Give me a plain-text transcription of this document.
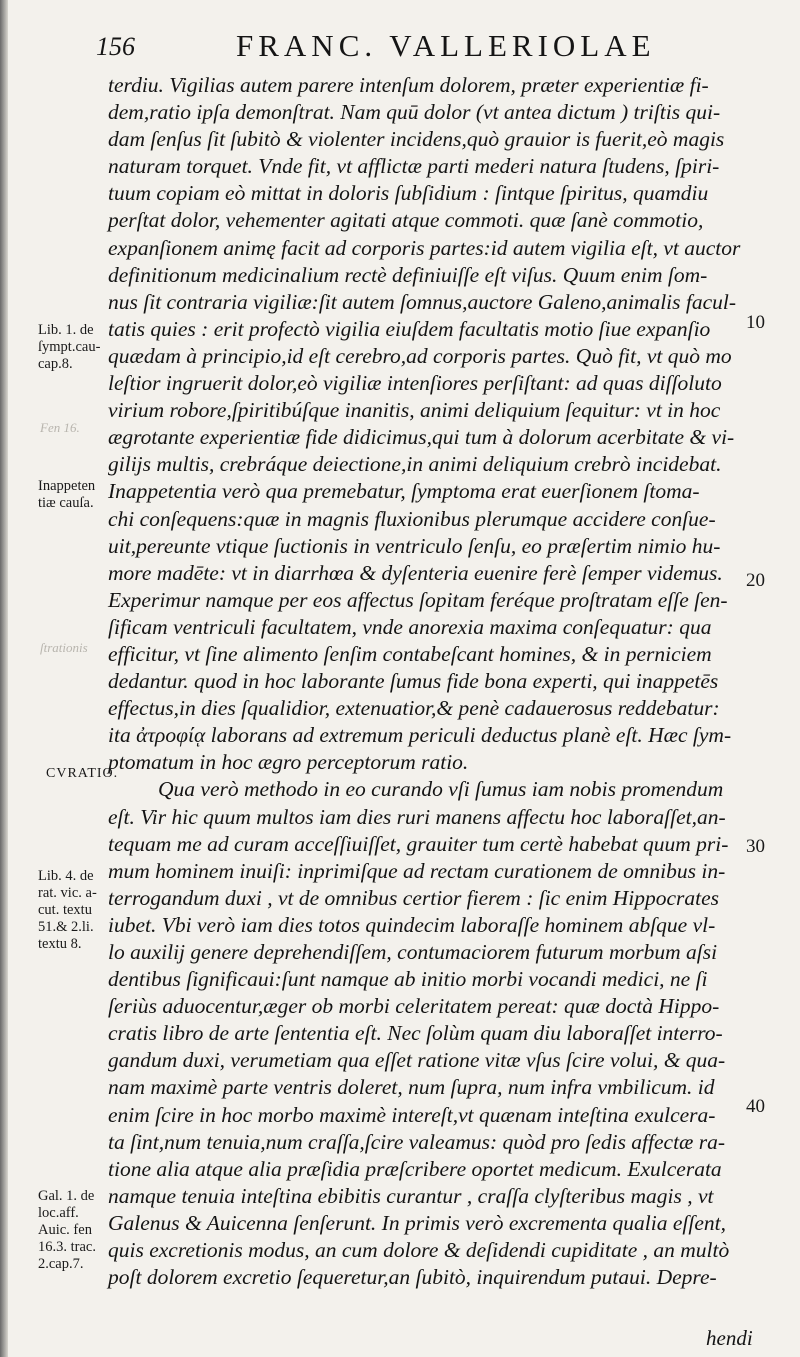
156	FRANC. VALLERIOLAE
Fen 16.
ſtrationis
Lib. 1. de
ſympt.cau-
cap.8.
Inappeten
tiæ cauſa.
CVRATIO.
Lib. 4. de
rat. vic. a-
cut. textu
51.& 2.li.
textu 8.
Gal. 1. de
loc.aff.
Auic. fen
16.3. trac.
2.cap.7.
10
20
30
40
terdiu. Vigilias autem parere intenſum dolorem, præter experientiæ fi-
dem,ratio ipſa demonſtrat. Nam quū dolor (vt antea dictum ) triſtis qui-
dam ſenſus ſit ſubitò & violenter incidens,quò grauior is fuerit,eò magis
naturam torquet. Vnde fit, vt afflictæ parti mederi natura ſtudens, ſpiri-
tuum copiam eò mittat in doloris ſubſidium : ſintque ſpiritus, quamdiu
perſtat dolor, vehementer agitati atque commoti. quæ ſanè commotio,
expanſionem animę facit ad corporis partes:id autem vigilia eſt, vt auctor
definitionum medicinalium rectè definiuiſſe eſt viſus. Quum enim ſom-
nus ſit contraria vigiliæ:ſit autem ſomnus,auctore Galeno,animalis facul-
tatis quies : erit profectò vigilia eiuſdem facultatis motio ſiue expanſio
quædam à principio,id eſt cerebro,ad corporis partes. Quò fit, vt quò mo
leſtior ingruerit dolor,eò vigiliæ intenſiores perſiſtant: ad quas diſſoluto
virium robore,ſpiritibúſque inanitis, animi deliquium ſequitur: vt in hoc
ægrotante experientiæ fide didicimus,qui tum à dolorum acerbitate & vi-
gilijs multis, crebráque deiectione,in animi deliquium crebrò incidebat.
Inappetentia verò qua premebatur, ſymptoma erat euerſionem ſtoma-
chi conſequens:quæ in magnis fluxionibus plerumque accidere conſue-
uit,pereunte vtique ſuctionis in ventriculo ſenſu, eo præſertim nimio hu-
more madēte: vt in diarrhœa & dyſenteria euenire ferè ſemper videmus.
Experimur namque per eos affectus ſopitam feréque proſtratam eſſe ſen-
ſificam ventriculi facultatem, vnde anorexia maxima conſequatur: qua
efficitur, vt ſine alimento ſenſim contabeſcant homines, & in perniciem
dedantur. quod in hoc laborante ſumus fide bona experti, qui inappetēs
effectus,in dies ſqualidior, extenuatior,& penè cadauerosus reddebatur:
ita ἀτροφίᾳ laborans ad extremum periculi deductus planè eſt. Hæc ſym-
ptomatum in hoc ægro perceptorum ratio.
Qua verò methodo in eo curando vſi ſumus iam nobis promendum
eſt. Vir hic quum multos iam dies ruri manens affectu hoc laboraſſet,an-
tequam me ad curam acceſſiuiſſet, grauiter tum certè habebat quum pri-
mum hominem inuiſi: inprimiſque ad rectam curationem de omnibus in-
terrogandum duxi , vt de omnibus certior fierem : ſic enim Hippocrates
iubet. Vbi verò iam dies totos quindecim laboraſſe hominem abſque vl-
lo auxilij genere deprehendiſſem, contumaciorem futurum morbum aſsi
dentibus ſignificaui:ſunt namque ab initio morbi vocandi medici, ne ſi
ſeriùs aduocentur,æger ob morbi celeritatem pereat: quæ doctà Hippo-
cratis libro de arte ſententia eſt. Nec ſolùm quam diu laboraſſet interro-
gandum duxi, verumetiam qua eſſet ratione vitæ vſus ſcire volui, & qua-
nam maximè parte ventris doleret, num ſupra, num infra vmbilicum. id
enim ſcire in hoc morbo maximè intereſt,vt quænam inteſtina exulcera-
ta ſint,num tenuia,num craſſa,ſcire valeamus: quòd pro ſedis affectæ ra-
tione alia atque alia præſidia præſcribere oportet medicum. Exulcerata
namque tenuia inteſtina ebibitis curantur , craſſa clyſteribus magis , vt
Galenus & Auicenna ſenſerunt. In primis verò excrementa qualia eſſent,
quis excretionis modus, an cum dolore & deſidendi cupiditate , an multò
poſt dolorem excretio ſequeretur,an ſubitò, inquirendum putaui. Depre-
hendi
